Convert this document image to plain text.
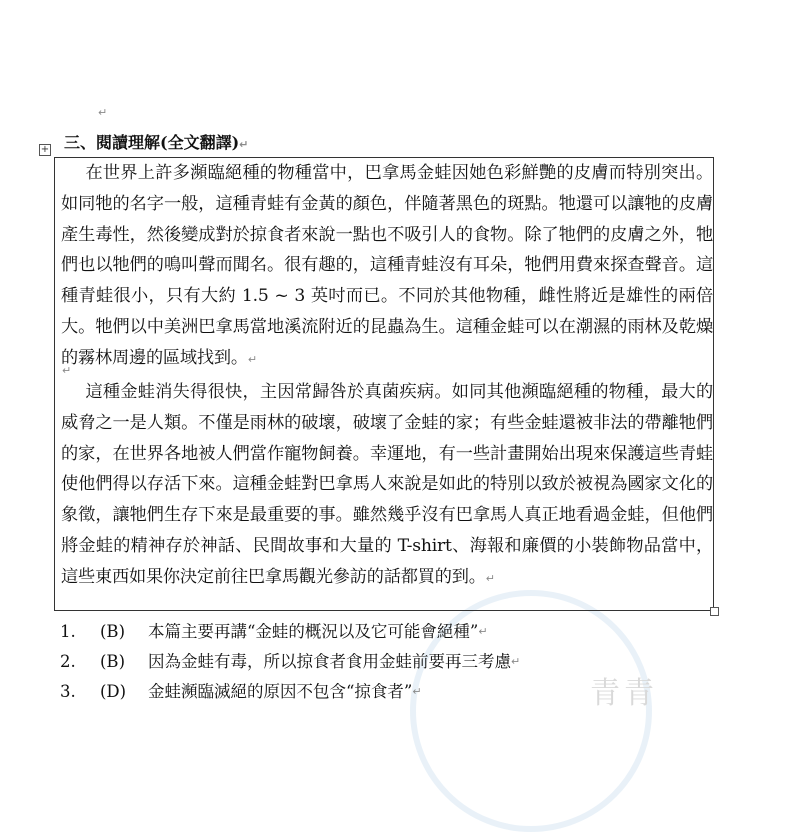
青青
↵
三、閱讀理解(全文翻譯)↵
+
在世界上許多瀕臨絕種的物種當中，巴拿馬金蛙因她色彩鮮艷的皮膚而特別突出。如同牠的名字一般，這種青蛙有金黃的顏色，伴隨著黑色的斑點。牠還可以讓牠的皮膚產生毒性，然後變成對於掠食者來說一點也不吸引人的食物。除了牠們的皮膚之外，牠們也以牠們的鳴叫聲而聞名。很有趣的，這種青蛙沒有耳朵，牠們用費來探查聲音。這種青蛙很小，只有大約 1.5 ~ 3 英吋而已。不同於其他物種，雌性將近是雄性的兩倍大。牠們以中美洲巴拿馬當地溪流附近的昆蟲為生。這種金蛙可以在潮濕的雨林及乾燥的霧林周邊的區域找到。↵
↵
這種金蛙消失得很快，主因常歸咎於真菌疾病。如同其他瀕臨絕種的物種，最大的威脅之一是人類。不僅是雨林的破壞，破壞了金蛙的家；有些金蛙還被非法的帶離牠們的家，在世界各地被人們當作寵物飼養。幸運地，有一些計畫開始出現來保護這些青蛙使他們得以存活下來。這種金蛙對巴拿馬人來說是如此的特別以致於被視為國家文化的象徵，讓牠們生存下來是最重要的事。雖然幾乎沒有巴拿馬人真正地看過金蛙，但他們將金蛙的精神存於神話、民間故事和大量的 T-shirt、海報和廉價的小裝飾物品當中，這些東西如果你決定前往巴拿馬觀光參訪的話都買的到。↵
1.	(B)	本篇主要再講“金蛙的概況以及它可能會絕種” ↵
2.	(B)	因為金蛙有毒，所以掠食者食用金蛙前要再三考慮 ↵
3.	(D)	金蛙瀕臨滅絕的原因不包含“掠食者” ↵
